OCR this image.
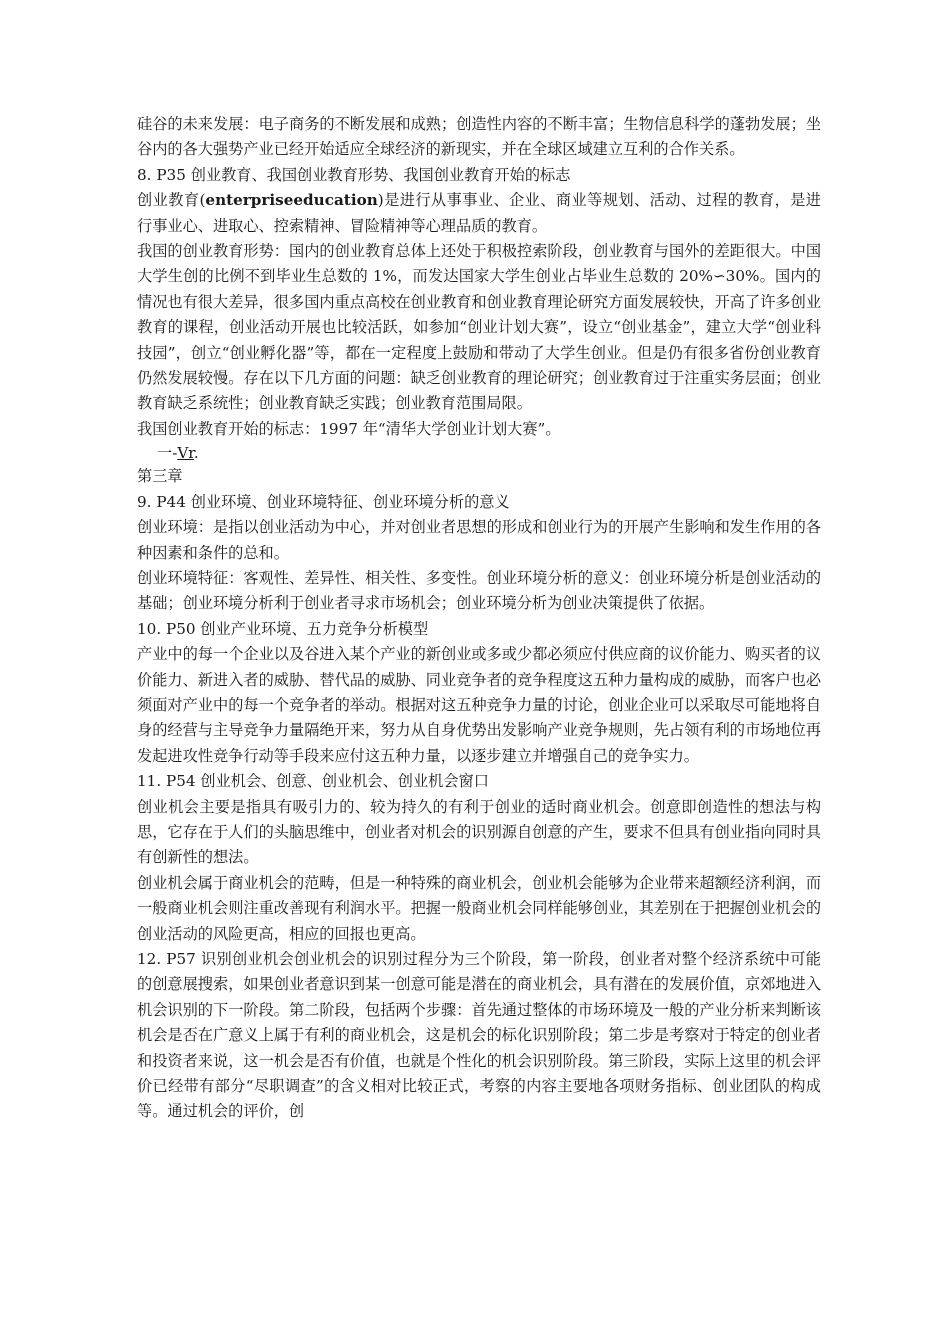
硅谷的未来发展：电子商务的不断发展和成熟；创造性内容的不断丰富；生物信息科学的蓬勃发展；坐谷内的各大强势产业已经开始适应全球经济的新现实，并在全球区域建立互利的合作关系。

8. P35 创业教育、我国创业教育形势、我国创业教育开始的标志

创业教育(enterpriseeducation)是进行从事事业、企业、商业等规划、活动、过程的教育，是进行事业心、进取心、控索精神、冒险精神等心理品质的教育。

我国的创业教育形势：国内的创业教育总体上还处于积极控索阶段，创业教育与国外的差距很大。中国大学生创的比例不到毕业生总数的 1%，而发达国家大学生创业占毕业生总数的 20%∽30%。国内的情况也有很大差异，很多国内重点高校在创业教育和创业教育理论研究方面发展较快，开高了许多创业教育的课程，创业活动开展也比较活跃，如参加“创业计划大赛”，设立“创业基金”，建立大学“创业科技园”，创立“创业孵化器”等，都在一定程度上鼓励和带动了大学生创业。但是仍有很多省份创业教育仍然发展较慢。存在以下几方面的问题：缺乏创业教育的理论研究；创业教育过于注重实务层面；创业教育缺乏系统性；创业教育缺乏实践；创业教育范围局限。

我国创业教育开始的标志：1997 年“清华大学创业计划大赛”。

一-Vr.

第三章

9. P44 创业环境、创业环境特征、创业环境分析的意义

创业环境：是指以创业活动为中心，并对创业者思想的形成和创业行为的开展产生影响和发生作用的各种因素和条件的总和。

创业环境特征：客观性、差异性、相关性、多变性。创业环境分析的意义：创业环境分析是创业活动的基础；创业环境分析利于创业者寻求市场机会；创业环境分析为创业决策提供了依据。

10. P50 创业产业环境、五力竞争分析模型

产业中的每一个企业以及谷进入某个产业的新创业或多或少都必须应付供应商的议价能力、购买者的议价能力、新进入者的威胁、替代品的威胁、同业竞争者的竞争程度这五种力量构成的威胁，而客户也必须面对产业中的每一个竞争者的举动。根据对这五种竞争力量的讨论，创业企业可以采取尽可能地将自身的经营与主导竞争力量隔绝开来，努力从自身优势出发影响产业竞争规则，先占领有利的市场地位再发起进攻性竞争行动等手段来应付这五种力量，以逐步建立并增强自己的竞争实力。

11. P54 创业机会、创意、创业机会、创业机会窗口

创业机会主要是指具有吸引力的、较为持久的有利于创业的适时商业机会。创意即创造性的想法与构思，它存在于人们的头脑思维中，创业者对机会的识别源自创意的产生，要求不但具有创业指向同时具有创新性的想法。

创业机会属于商业机会的范畴，但是一种特殊的商业机会，创业机会能够为企业带来超额经济利润，而一般商业机会则注重改善现有利润水平。把握一般商业机会同样能够创业，其差别在于把握创业机会的创业活动的风险更高，相应的回报也更高。

12. P57 识别创业机会创业机会的识别过程分为三个阶段，第一阶段，创业者对整个经济系统中可能的创意展搜索，如果创业者意识到某一创意可能是潜在的商业机会，具有潜在的发展价值，京郊地进入机会识别的下一阶段。第二阶段，包括两个步骤：首先通过整体的市场环境及一般的产业分析来判断该机会是否在广意义上属于有利的商业机会，这是机会的标化识别阶段；第二步是考察对于特定的创业者和投资者来说，这一机会是否有价值，也就是个性化的机会识别阶段。第三阶段，实际上这里的机会评价已经带有部分“尽职调查”的含义相对比较正式，考察的内容主要地各项财务指标、创业团队的构成等。通过机会的评价，创
